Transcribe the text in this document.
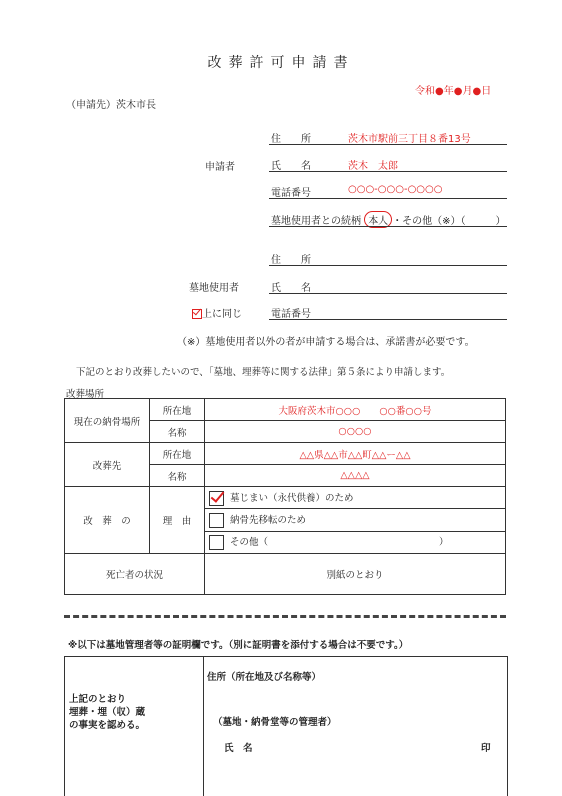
改葬許可申請書
令和●年●月●日
（申請先）茨木市長
申請者
住　　所	茨木市駅前三丁目８番13号
氏　　名	茨木　太郎
電話番号	○○○-○○○-○○○○
墓地使用者との続柄 本人 ・その他（※）（　　　）
住　　所
墓地使用者	氏　　名
上に同じ	電話番号
（※）墓地使用者以外の者が申請する場合は、承諾書が必要です。
下記のとおり改葬したいので、「墓地、埋葬等に関する法律」第５条により申請します。
改葬場所
現在の納骨場所	所在地	大阪府茨木市○○○　　○○番○○号
	名称	○○○○
改葬先	所在地	△△県△△市△△町△△ー△△
	名称	△△△△
改　葬　の	理　由	墓じまい（永代供養）のため
		納骨先移転のため
		その他（　　　　　　　　　　　　　　　　　　）
死亡者の状況		別紙のとおり
※以下は墓地管理者等の証明欄です。（別に証明書を添付する場合は不要です。）
上記のとおり
埋葬・埋（収）蔵
の事実を認める。
住所（所在地及び名称等）
（墓地・納骨堂等の管理者）
氏　名	印
